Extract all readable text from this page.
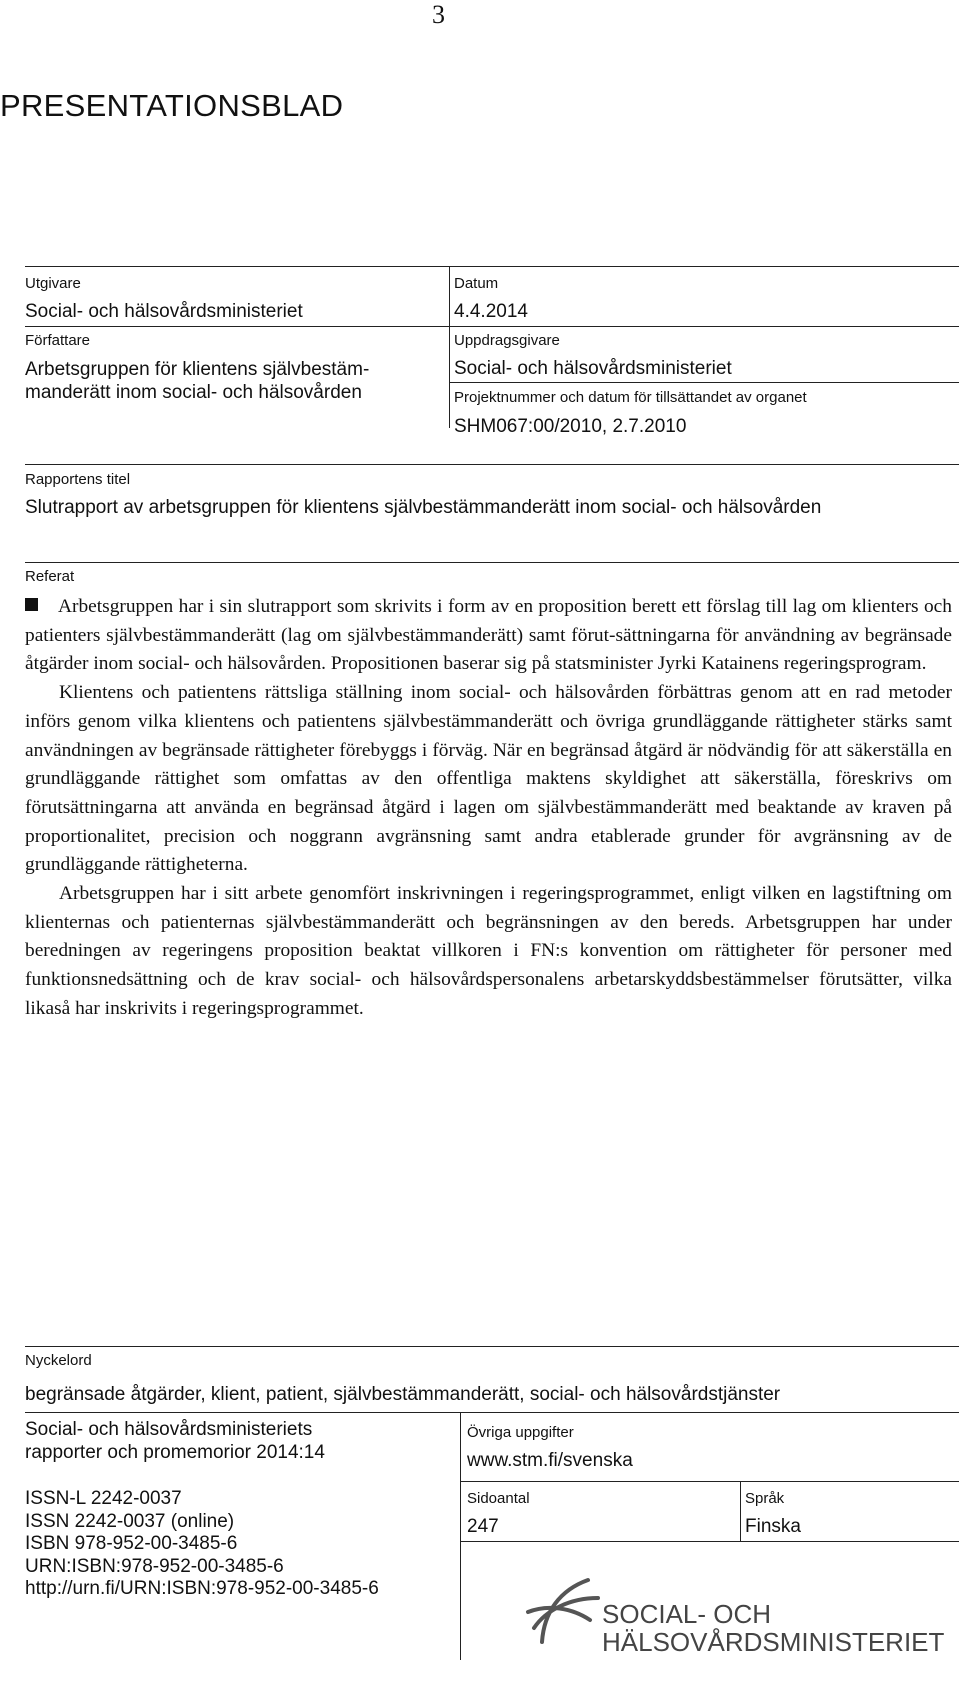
3
PRESENTATIONSBLAD
Utgivare
Social- och hälsovårdsministeriet
Datum
4.4.2014
Författare
Arbetsgruppen för klientens självbestäm-
manderätt inom social- och hälsovården
Uppdragsgivare
Social- och hälsovårdsministeriet
Projektnummer och datum för tillsättandet av organet
SHM067:00/2010, 2.7.2010
Rapportens titel
Slutrapport av arbetsgruppen för klientens självbestämmanderätt inom social- och hälsovården
Referat

Arbetsgruppen har i sin slutrapport som skrivits i form av en proposition berett ett förslag till lag om klienters och patienters självbestämmanderätt (lag om självbestämmanderätt) samt förut-sättningarna för användning av begränsade åtgärder inom social- och hälsovården. Propositionen baserar sig på statsminister Jyrki Katainens regeringsprogram.

Klientens och patientens rättsliga ställning inom social- och hälsovården förbättras genom att en rad metoder införs genom vilka klientens och patientens självbestämmanderätt och övriga grundläggande rättigheter stärks samt användningen av begränsade rättigheter förebyggs i förväg. När en begränsad åtgärd är nödvändig för att säkerställa en grundläggande rättighet som omfattas av den offentliga maktens skyldighet att säkerställa, föreskrivs om förutsättningarna att använda en begränsad åtgärd i lagen om självbestämmanderätt med beaktande av kraven på proportionalitet, precision och noggrann avgränsning samt andra etablerade grunder för avgränsning av de grundläggande rättigheterna.

Arbetsgruppen har i sitt arbete genomfört inskrivningen i regeringsprogrammet, enligt vilken en lagstiftning om klienternas och patienternas självbestämmanderätt och begränsningen av den bereds. Arbetsgruppen har under beredningen av regeringens proposition beaktat villkoren i FN:s konvention om rättigheter för personer med funktionsnedsättning och de krav social- och hälsovårdspersonalens arbetarskyddsbestämmelser förutsätter, vilka likaså har inskrivits i regeringsprogrammet.

Nyckelord
begränsade åtgärder, klient, patient, självbestämmanderätt, social- och hälsovårdstjänster
Social- och hälsovårdsministeriets
rapporter och promemorior 2014:14
Övriga uppgifter
www.stm.fi/svenska
ISSN-L 2242-0037
ISSN 2242-0037 (online)
ISBN 978-952-00-3485-6
URN:ISBN:978-952-00-3485-6
http://urn.fi/URN:ISBN:978-952-00-3485-6
Sidoantal
247
Språk
Finska
SOCIAL- OCH
HÄLSOVÅRDSMINISTERIET
